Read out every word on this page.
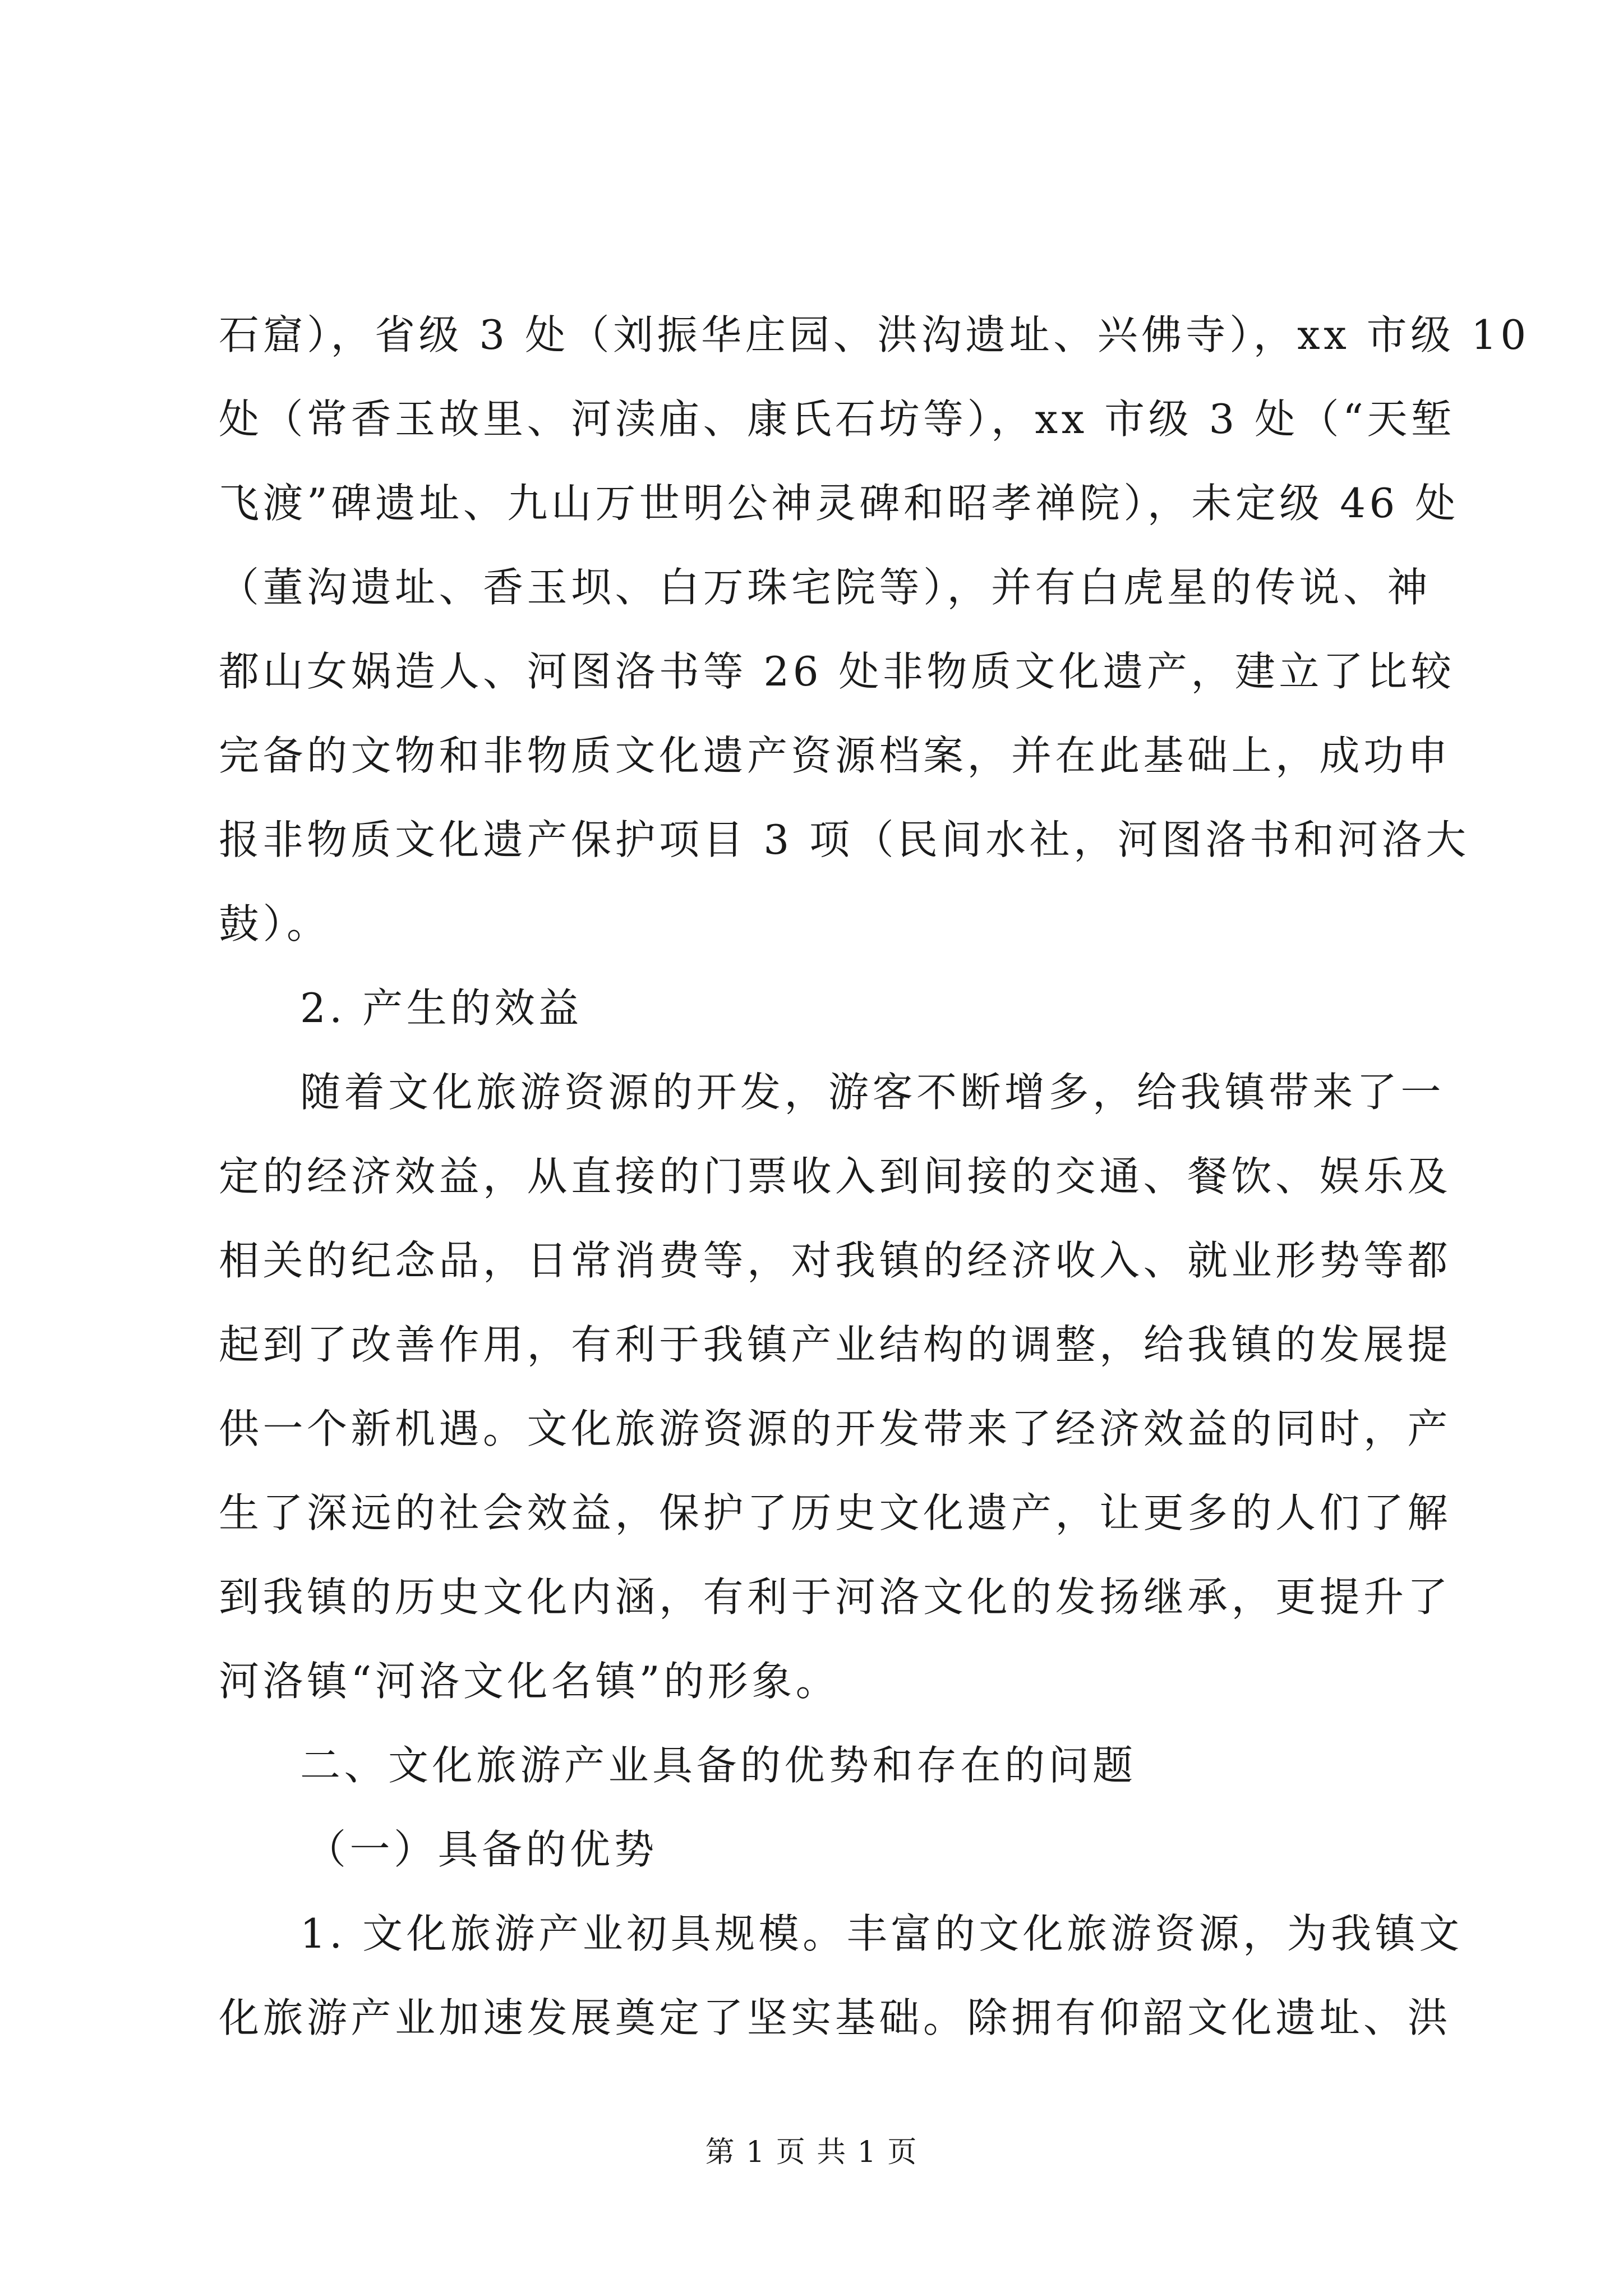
石窟），省级 3 处（刘振华庄园、洪沟遗址、兴佛寺），xx 市级 10
处（常香玉故里、河渎庙、康氏石坊等），xx 市级 3 处（“天堑
飞渡”碑遗址、九山万世明公神灵碑和昭孝禅院），未定级 46 处
（董沟遗址、香玉坝、白万珠宅院等），并有白虎星的传说、神
都山女娲造人、河图洛书等 26 处非物质文化遗产，建立了比较
完备的文物和非物质文化遗产资源档案，并在此基础上，成功申
报非物质文化遗产保护项目 3 项（民间水社，河图洛书和河洛大
鼓）。
2. 产生的效益
随着文化旅游资源的开发，游客不断增多，给我镇带来了一
定的经济效益，从直接的门票收入到间接的交通、餐饮、娱乐及
相关的纪念品，日常消费等，对我镇的经济收入、就业形势等都
起到了改善作用，有利于我镇产业结构的调整，给我镇的发展提
供一个新机遇。文化旅游资源的开发带来了经济效益的同时，产
生了深远的社会效益，保护了历史文化遗产，让更多的人们了解
到我镇的历史文化内涵，有利于河洛文化的发扬继承，更提升了
河洛镇“河洛文化名镇”的形象。
二、文化旅游产业具备的优势和存在的问题
（一）具备的优势
1. 文化旅游产业初具规模。丰富的文化旅游资源，为我镇文
化旅游产业加速发展奠定了坚实基础。除拥有仰韶文化遗址、洪
第 1 页 共 1 页
